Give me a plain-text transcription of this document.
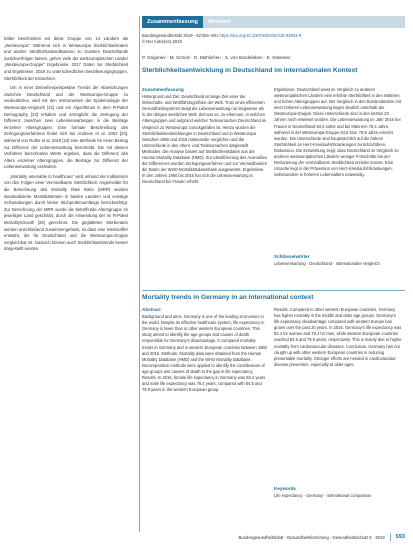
hafter beschreiben wir diese Gruppe von 14 Ländern als „Westeuropa". Während sich in Westeuropa Sterblichkeitsraten und andere Sterblichkeitsindikatoren zu Gunsten Deutschlands zurückverfolgen lassen, gehen viele der westeuropäischen Länder „Westeuropa-Gruppe" Ergebnisse, 2017 Daten zur Sterblichkeit und Ergebnisse, 2019 zu unterschiedlichen Bevölkerungsgruppen, Sterblichkeit der Einwohner.

Um in einer Zeitreihenperspektive Trends der Abweichungen zwischen Deutschland und der Westeuropa-Gruppe zu verdeutlichen, wird mit den Instrumenten der Epidemiologie der Westeuropa-Vergleich [21] und ein Algorithmus in dem R-Paket Demography [22] erhalten und ermöglicht die Zerlegung der Differenz zwischen zwei Lebenserwartungen in die Beiträge einzelner Altersgruppen. Eine formale Beschreibung des Zerlegungsverfahrens findet sich bei Andreev et al. 2002 [23], während von Ruthe et al. 2019 [24] eine Methode für einen Beitrag zur Differenz der Lebenserwartung beschreibt. Die mit diesem Verfahren berechneten Werte ergeben, dass die Differenz des Alters einzelner Altersgruppen, die Beiträge zur Differenz der Lebenserwartung verändern.

„Mortality amenable to healthcare" wird anhand der Indikatoren von den Folgen einer Vermeidbaren Sterblichkeit: Angemeldet für die Berechnung des Mortality Rate Ratio (MRR) wurden standardisierte Mortalitätsraten in beiden Ländern und sonstige Schwankungen durch kleine Stichprobenumfänge berücksichtigt. Zur Berechnung der MRR wurde die betreffende Altersgruppe im jeweiligen Land geschätzt, durch die Anwendung der im R-Paket MortalitySmooth [26] gerechnet. Die geglätteten Sterberaten werden anschließend zusammengefasst, so dass eine Sterbeziffer entsteht, die für Deutschland und die Westeuropa-Gruppe vergleichbar ist. Dadurch können auch Sterblichkeitstrends besser dargestellt werden.

Zusammenfassung	Abstract
Bundesgesundheitsbl 2019 · 62:591–601 https://doi.org/10.1007/s00103-019-02934-9
© Der Autor(en) 2019
P. Grigoriev · M. Scholz · D. Mühlichen · S. von Bardeleben · E. Klüsener
Sterblichkeitsentwicklung in Deutschland im internationalen Kontext
Zusammenfassung
Hintergrund und Ziel. Deutschland ist lange Zeit einer der Wirtschafts- und Wohlfahrtsgrößten der Welt. Trotz eines effizienten Gesundheitssystems steigt die Lebenserwartung nur langsamer als in der übrigen westlichen Welt. Ziel war es, zu erkennen, in welchen Altersgruppen und aufgrund welcher Todesursachen Deutschland im Vergleich zu Westeuropa zurückgefallen ist. Hierzu wurden die Sterblichkeitsentwicklungen in Deutschland und in Westeuropa zwischen 1960 und 2016 miteinander verglichen und die Unterschiede in den Alters- und Todesursachen dargestellt. Methoden. Die Analyse basiert auf Sterblichkeitsdaten aus der Human Mortality Database (HMD). Zur Identifizierung des Ausmaßes der Differenzen wurden Zerlegungsverfahren und zur Vermeidbarkeit die Daten der WHO-Mortalitätsdatenbank ausgewertet. Ergebnisse. In den Jahren 1960 bis 2016 hat sich die Lebenserwartung in Deutschland bei Frauen erhöht.
Ergebnisse. Deutschland weist im Vergleich zu anderen westeuropäischen Ländern eine erhöhte Sterblichkeit in den mittleren und hohen Altersgruppen auf. Der Vergleich in den Bundesländern mit einer höheren Lebenserwartung liegen deutlich unterhalb der Westeuropa-Gruppe. Diese Unterschiede sind in den letzten 20 Jahren noch erweitert worden. Die Lebenserwartung im Jahr 2016 bei Frauen in Deutschland 83,4 Jahre und bei Männern 78,4 Jahre, während in der Westeuropa-Gruppe 84,5 bzw. 79,9 Jahre erreicht wurden. Die Unterschiede sind hauptsächlich auf die höhere Sterblichkeit an Herz-Kreislauf-Erkrankungen zurückzuführen. Diskussion. Die Entwicklung zeigt, dass Deutschland im Vergleich zu anderen westeuropäischen Ländern weniger Fortschritte bei der Reduzierung der vermeidbaren Sterblichkeit erzielen konnte. Eine Ursache liegt in der Prävention von Herz-Kreislauf-Erkrankungen, insbesondere in höheren Lebensaltern notwendig.
Schlüsselwörter
Lebenserwartung · Deutschland · Internationaler Vergleich
Mortality trends in Germany in an international context
Abstract
Background and aims. Germany is one of the leading economies in the world. Despite its effective healthcare system, life expectancy in Germany is lower than in other western European countries. This study aimed to identify the age groups and causes of death responsible for Germany's disadvantage. It compared mortality trends in Germany and in western European countries between 1960 and 2016. Methods. Mortality data were obtained from the Human Mortality Database (HMD) and the WHO Mortality Database. Decomposition methods were applied to identify the contributions of age groups and causes of death to the gap in life expectancy. Results. In 2016, female life expectancy in Germany was 83.4 years and male life expectancy was 78.4 years, compared with 84.5 and 79.9 years in the western European group.
Results. Compared to other western European countries, Germany has higher mortality in the middle and older age groups. Germany's life expectancy disadvantage compared with western Europe has grown over the past 20 years. In 2016, Germany's life expectancy was 83.4 for women and 78.4 for men, while western European countries reached 84.5 and 79.9 years, respectively. This is mainly due to higher mortality from cardiovascular diseases. Conclusion. Germany has not caught up with other western European countries in reducing preventable mortality. Stronger efforts are needed in cardiovascular disease prevention, especially at older ages.
Keywords
Life expectancy · Germany · International comparison
Bundesgesundheitsblatt - Gesundheitsforschung - Gesundheitsschutz 5 · 2019 593
